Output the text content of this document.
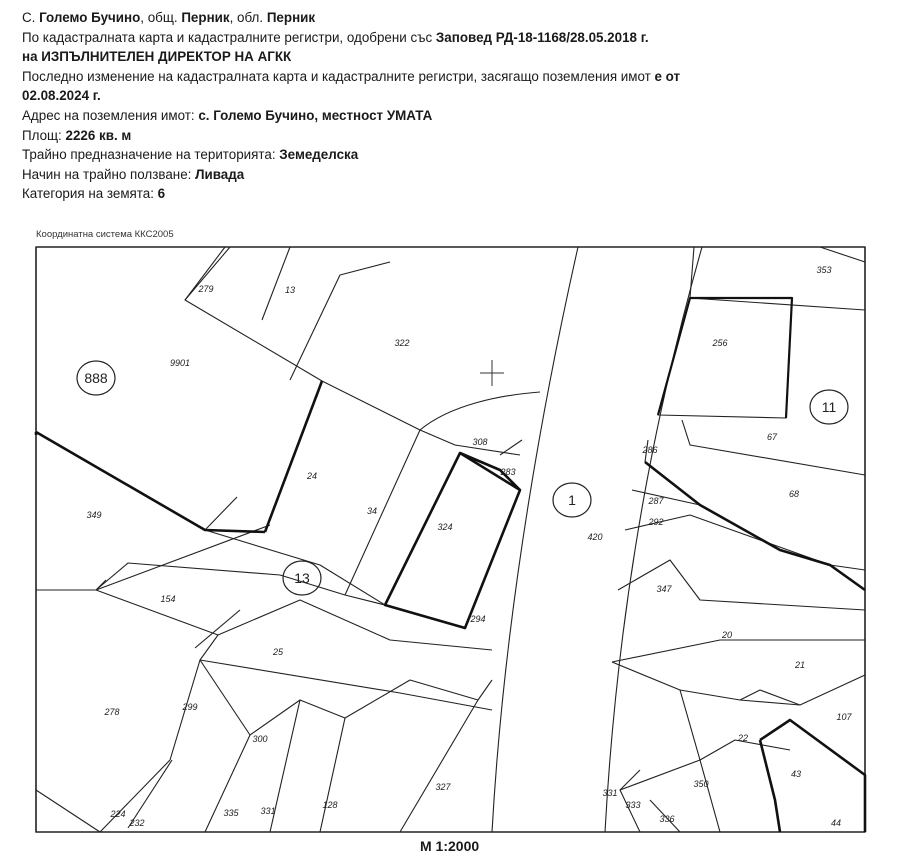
С. Големо Бучино, общ. Перник, обл. Перник
По кадастралната карта и кадастралните регистри, одобрени със Заповед РД-18-1168/28.05.2018 г.
на ИЗПЪЛНИТЕЛЕН ДИРЕКТОР НА АГКК
Последно изменение на кадастралната карта и кадастралните регистри, засягащо поземления имот е от
02.08.2024 г.
Адрес на поземления имот: с. Големо Бучино, местност УМАТА
Площ: 2226 кв. м
Трайно предназначение на територията: Земеделска
Начин на трайно ползване: Ливада
Категория на земята: 6
Координатна система ККС2005
888
13
1
11
9901
279	13
322
24
34
324
308
283
294
349
154
25
299
278
300
224
232
335 331
128
327
420
353
256
67
286
68
287
292
347
20
21
107
22
43
350
331
333
336	44
М 1:2000
